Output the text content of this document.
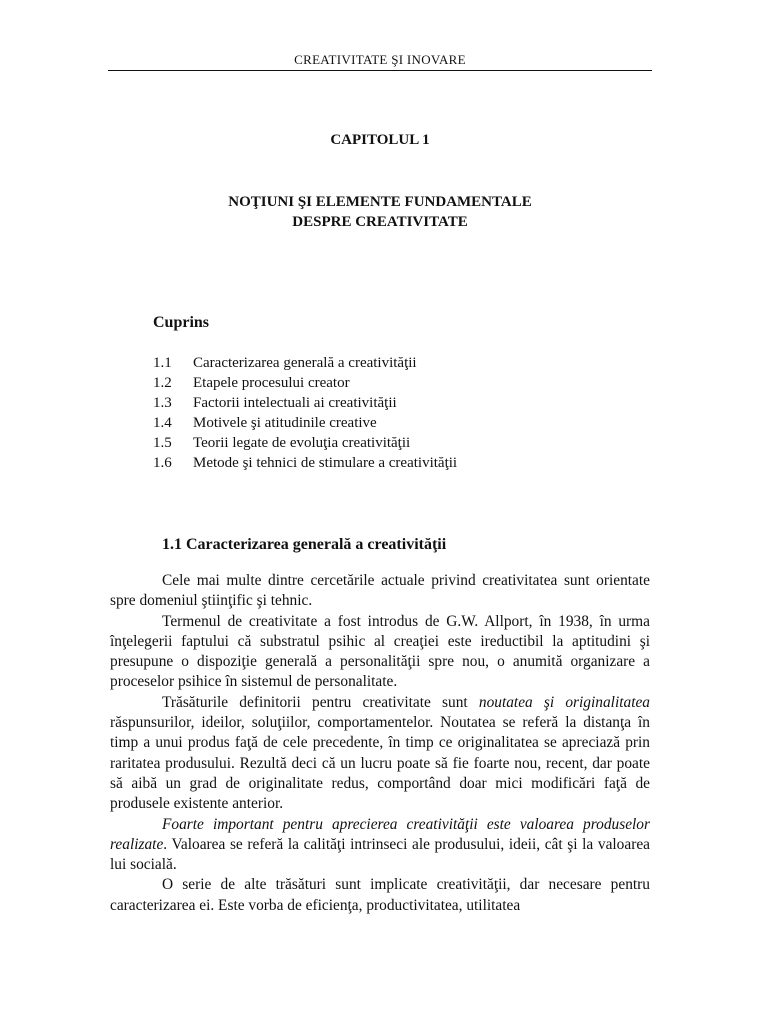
CREATIVITATE ŞI INOVARE
CAPITOLUL 1
NOŢIUNI ŞI ELEMENTE FUNDAMENTALE
DESPRE CREATIVITATE
Cuprins
1.1	Caracterizarea generală a creativităţii
1.2	Etapele procesului creator
1.3	Factorii intelectuali ai creativităţii
1.4	Motivele şi atitudinile creative
1.5	Teorii legate de evoluţia creativităţii
1.6	Metode şi tehnici de stimulare a creativităţii
1.1 Caracterizarea generală a creativităţii

Cele mai multe dintre cercetările actuale privind creativitatea sunt orientate spre domeniul ştiinţific şi tehnic.

Termenul de creativitate a fost introdus de G.W. Allport, în 1938, în urma înţelegerii faptului că substratul psihic al creaţiei este ireductibil la aptitudini şi presupune o dispoziţie generală a personalităţii spre nou, o anumită organizare a proceselor psihice în sistemul de personalitate.

Trăsăturile definitorii pentru creativitate sunt noutatea şi originalitatea răspunsurilor, ideilor, soluţiilor, comportamentelor. Noutatea se referă la distanţa în timp a unui produs faţă de cele precedente, în timp ce originalitatea se apreciază prin raritatea produsului. Rezultă deci că un lucru poate să fie foarte nou, recent, dar poate să aibă un grad de originalitate redus, comportând doar mici modificări faţă de produsele existente anterior.

Foarte important pentru aprecierea creativităţii este valoarea produselor realizate. Valoarea se referă la calităţi intrinseci ale produsului, ideii, cât şi la valoarea lui socială.

O serie de alte trăsături sunt implicate creativităţii, dar necesare pentru caracterizarea ei. Este vorba de eficienţa, productivitatea, utilitatea
